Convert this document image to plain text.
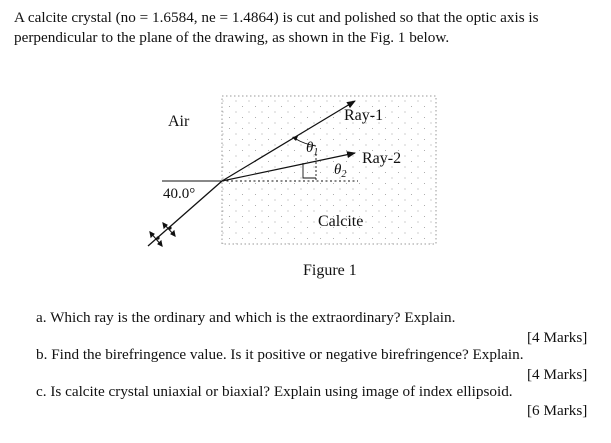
A calcite crystal (no = 1.6584, ne = 1.4864) is cut and polished so that the optic axis is

perpendicular to the plane of the drawing, as shown in the Fig. 1 below.

Air
40.0°
Ray-1
Ray-2
$\theta_1$
$\theta_2$
Calcite
Figure 1
a. Which ray is the ordinary and which is the extraordinary? Explain.
[4 Marks]
b. Find the birefringence value. Is it positive or negative birefringence? Explain.
[4 Marks]
c. Is calcite crystal uniaxial or biaxial? Explain using image of index ellipsoid.
[6 Marks]
